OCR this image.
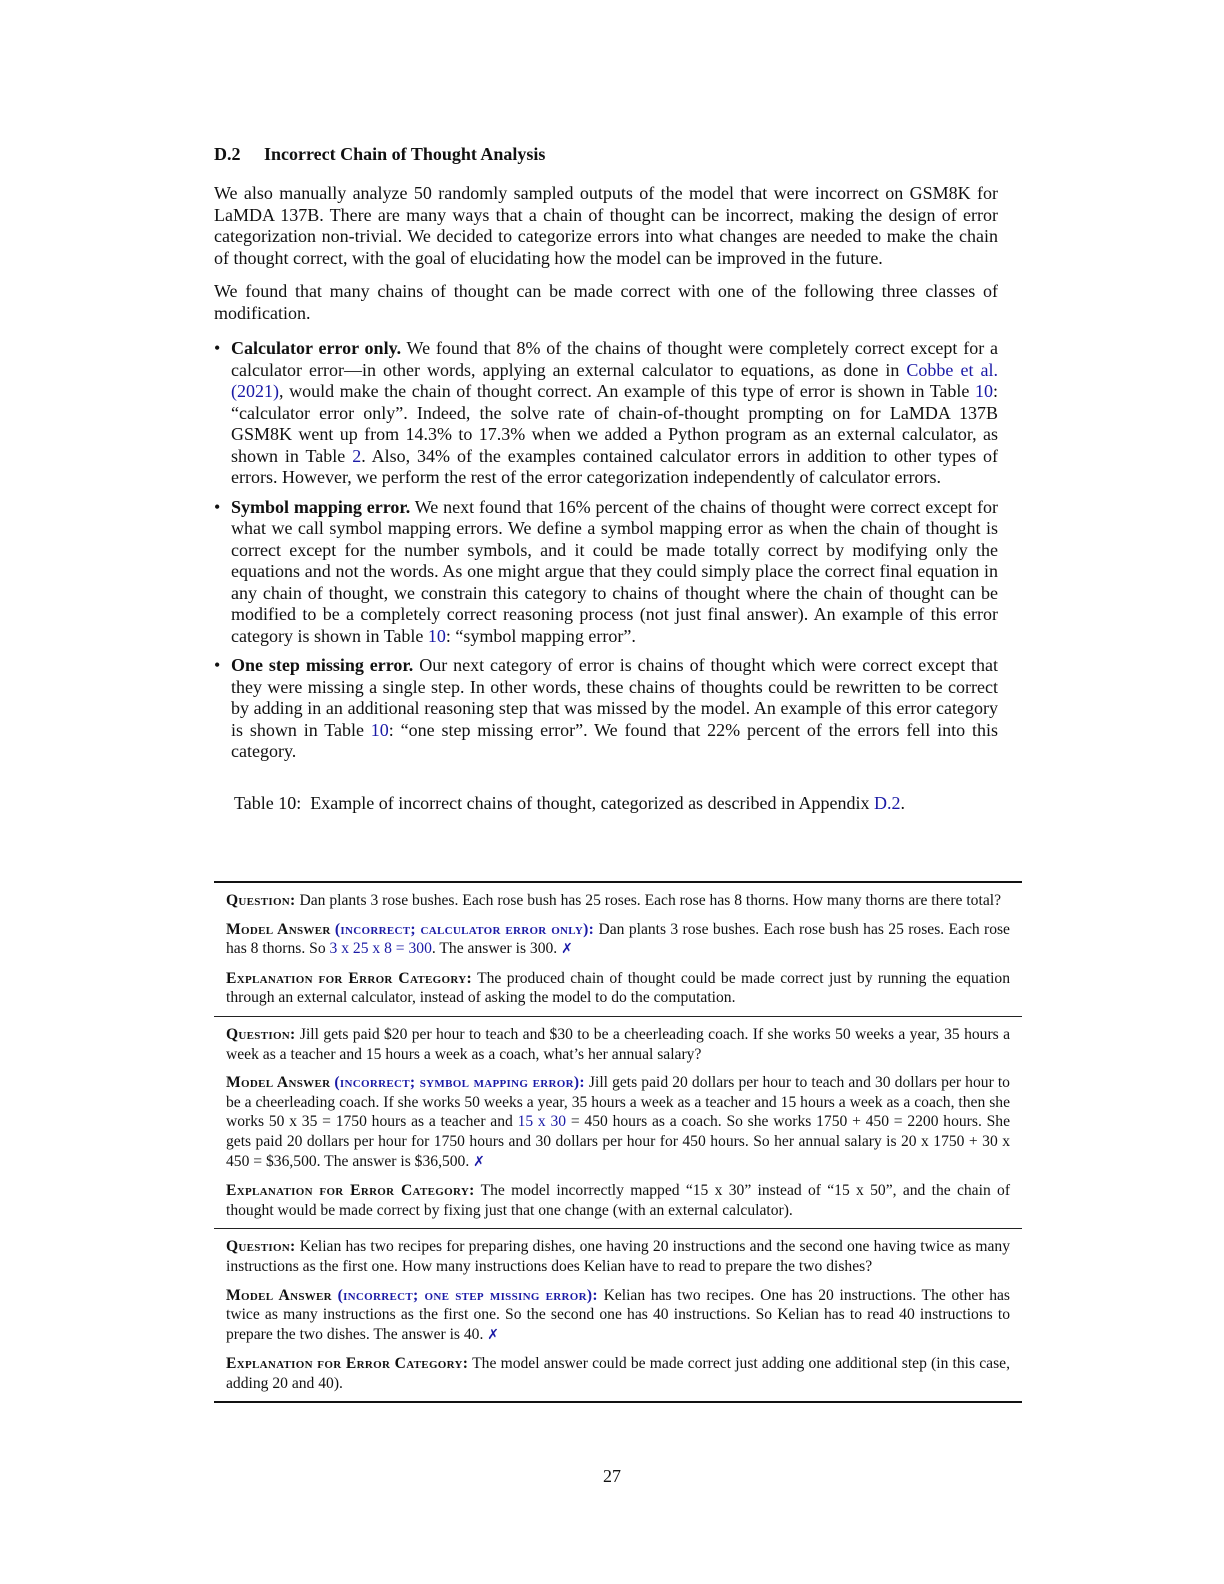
D.2 Incorrect Chain of Thought Analysis

We also manually analyze 50 randomly sampled outputs of the model that were incorrect on GSM8K for LaMDA 137B. There are many ways that a chain of thought can be incorrect, making the design of error categorization non-trivial. We decided to categorize errors into what changes are needed to make the chain of thought correct, with the goal of elucidating how the model can be improved in the future.

We found that many chains of thought can be made correct with one of the following three classes of modification.

• Calculator error only. We found that 8% of the chains of thought were completely correct except for a calculator error—in other words, applying an external calculator to equations, as done in Cobbe et al. (2021), would make the chain of thought correct. An example of this type of error is shown in Table 10: “calculator error only”. Indeed, the solve rate of chain-of-thought prompting on for LaMDA 137B GSM8K went up from 14.3% to 17.3% when we added a Python program as an external calculator, as shown in Table 2. Also, 34% of the examples contained calculator errors in addition to other types of errors. However, we perform the rest of the error categorization independently of calculator errors.
• Symbol mapping error. We next found that 16% percent of the chains of thought were correct except for what we call symbol mapping errors. We define a symbol mapping error as when the chain of thought is correct except for the number symbols, and it could be made totally correct by modifying only the equations and not the words. As one might argue that they could simply place the correct final equation in any chain of thought, we constrain this category to chains of thought where the chain of thought can be modified to be a completely correct reasoning process (not just final answer). An example of this error category is shown in Table 10: “symbol mapping error”.
• One step missing error. Our next category of error is chains of thought which were correct except that they were missing a single step. In other words, these chains of thoughts could be rewritten to be correct by adding in an additional reasoning step that was missed by the model. An example of this error category is shown in Table 10: “one step missing error”. We found that 22% percent of the errors fell into this category.
Table 10:  Example of incorrect chains of thought, categorized as described in Appendix D.2.

Question: Dan plants 3 rose bushes. Each rose bush has 25 roses. Each rose has 8 thorns. How many thorns are there total?

Model Answer (incorrect; calculator error only): Dan plants 3 rose bushes. Each rose bush has 25 roses. Each rose has 8 thorns. So 3 x 25 x 8 = 300. The answer is 300. ✗

Explanation for Error Category: The produced chain of thought could be made correct just by running the equation through an external calculator, instead of asking the model to do the computation.

Question: Jill gets paid $20 per hour to teach and $30 to be a cheerleading coach. If she works 50 weeks a year, 35 hours a week as a teacher and 15 hours a week as a coach, what’s her annual salary?

Model Answer (incorrect; symbol mapping error): Jill gets paid 20 dollars per hour to teach and 30 dollars per hour to be a cheerleading coach. If she works 50 weeks a year, 35 hours a week as a teacher and 15 hours a week as a coach, then she works 50 x 35 = 1750 hours as a teacher and 15 x 30 = 450 hours as a coach. So she works 1750 + 450 = 2200 hours. She gets paid 20 dollars per hour for 1750 hours and 30 dollars per hour for 450 hours. So her annual salary is 20 x 1750 + 30 x 450 = $36,500. The answer is $36,500. ✗

Explanation for Error Category: The model incorrectly mapped “15 x 30” instead of “15 x 50”, and the chain of thought would be made correct by fixing just that one change (with an external calculator).

Question: Kelian has two recipes for preparing dishes, one having 20 instructions and the second one having twice as many instructions as the first one. How many instructions does Kelian have to read to prepare the two dishes?

Model Answer (incorrect; one step missing error): Kelian has two recipes. One has 20 instructions. The other has twice as many instructions as the first one. So the second one has 40 instructions. So Kelian has to read 40 instructions to prepare the two dishes. The answer is 40. ✗

Explanation for Error Category: The model answer could be made correct just adding one additional step (in this case, adding 20 and 40).

27
